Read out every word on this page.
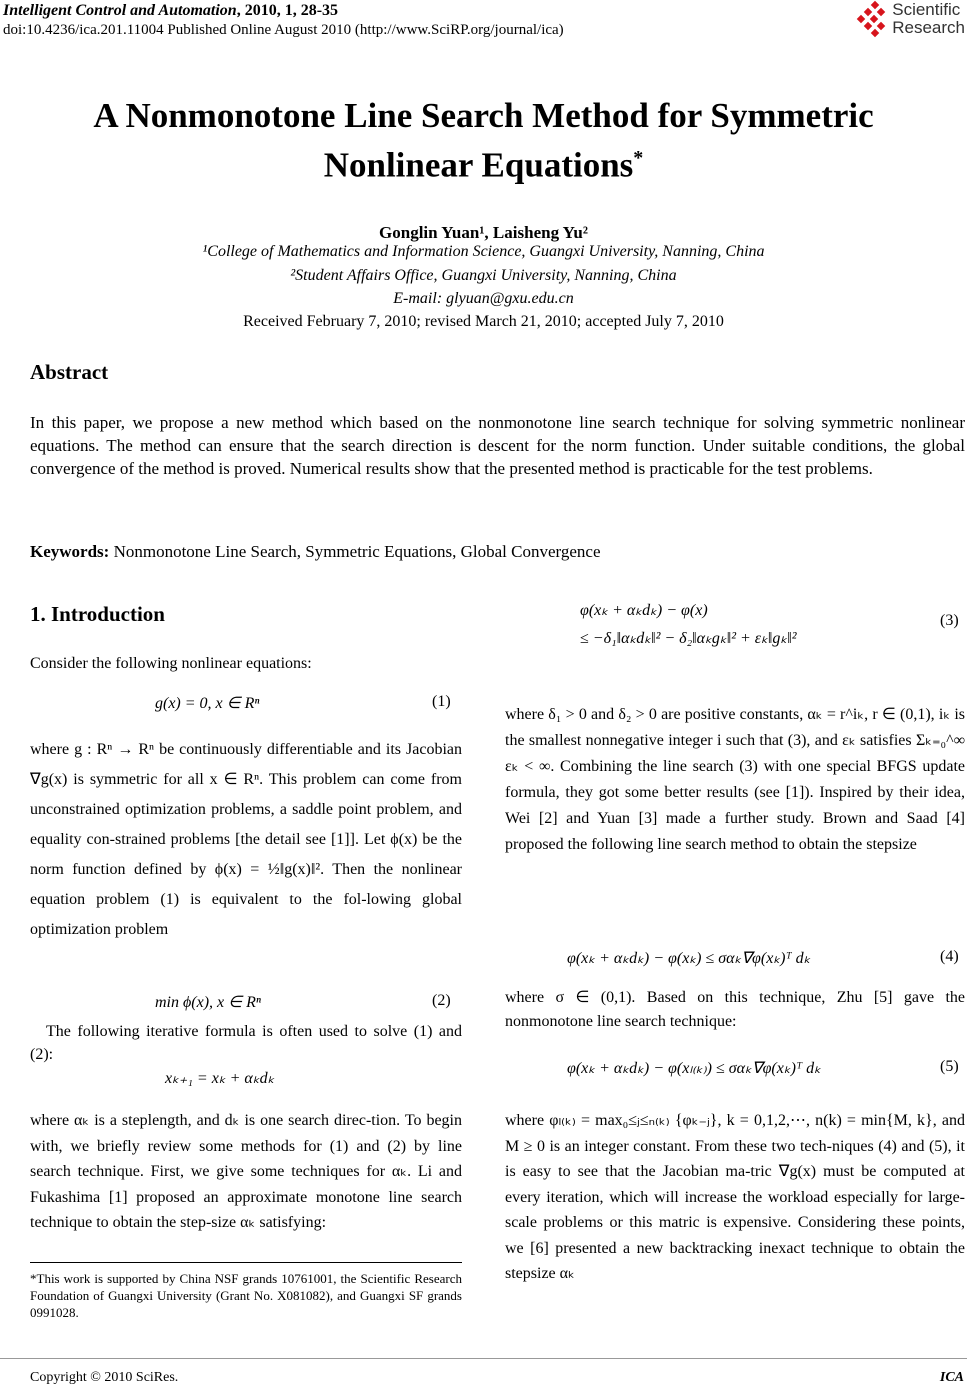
Intelligent Control and Automation, 2010, 1, 28-35
doi:10.4236/ica.201.11004 Published Online August 2010 (http://www.SciRP.org/journal/ica)
Scientific
Research
A Nonmonotone Line Search Method for Symmetric
Nonlinear Equations*
Gonglin Yuan¹, Laisheng Yu²
¹College of Mathematics and Information Science, Guangxi University, Nanning, China
²Student Affairs Office, Guangxi University, Nanning, China
E-mail: glyuan@gxu.edu.cn
Received February 7, 2010; revised March 21, 2010; accepted July 7, 2010
Abstract
In this paper, we propose a new method which based on the nonmonotone line search technique for solving symmetric nonlinear equations. The method can ensure that the search direction is descent for the norm function. Under suitable conditions, the global convergence of the method is proved. Numerical results show that the presented method is practicable for the test problems.
Keywords: Nonmonotone Line Search, Symmetric Equations, Global Convergence
1. Introduction
Consider the following nonlinear equations:
g(x) = 0, x ∈ Rⁿ	(1)
where g : Rⁿ → Rⁿ be continuously differentiable and its Jacobian ∇g(x) is symmetric for all x ∈ Rⁿ. This problem can come from unconstrained optimization problems, a saddle point problem, and equality con-strained problems [the detail see [1]]. Let ϕ(x) be the norm function defined by ϕ(x) = ½‖g(x)‖². Then the nonlinear equation problem (1) is equivalent to the fol-lowing global optimization problem
min ϕ(x), x ∈ Rⁿ	(2)
The following iterative formula is often used to solve (1) and (2):
xₖ₊₁ = xₖ + αₖdₖ
where αₖ is a steplength, and dₖ is one search direc-tion. To begin with, we briefly review some methods for (1) and (2) by line search technique. First, we give some techniques for αₖ. Li and Fukashima [1] proposed an approximate monotone line search technique to obtain the step-size αₖ satisfying:
*This work is supported by China NSF grands 10761001, the Scientific Research Foundation of Guangxi University (Grant No. X081082), and Guangxi SF grands 0991028.
φ(xₖ + αₖdₖ) − φ(x)
≤ −δ₁‖αₖdₖ‖² − δ₂‖αₖgₖ‖² + εₖ‖gₖ‖²
(3)
where δ₁ > 0 and δ₂ > 0 are positive constants, αₖ = r^iₖ, r ∈ (0,1), iₖ is the smallest nonnegative integer i such that (3), and εₖ satisfies Σₖ₌₀^∞ εₖ < ∞. Combining the line search (3) with one special BFGS update formula, they got some better results (see [1]). Inspired by their idea, Wei [2] and Yuan [3] made a further study. Brown and Saad [4] proposed the following line search method to obtain the stepsize
φ(xₖ + αₖdₖ) − φ(xₖ) ≤ σαₖ∇φ(xₖ)ᵀ dₖ	(4)
where σ ∈ (0,1). Based on this technique, Zhu [5] gave the nonmonotone line search technique:
φ(xₖ + αₖdₖ) − φ(xₗ₍ₖ₎) ≤ σαₖ∇φ(xₖ)ᵀ dₖ	(5)
where φₗ₍ₖ₎ = max₀≤ⱼ≤ₙ₍ₖ₎ {φₖ₋ⱼ}, k = 0,1,2,⋯, n(k) = min{M, k}, and M ≥ 0 is an integer constant. From these two tech-niques (4) and (5), it is easy to see that the Jacobian ma-tric ∇g(x) must be computed at every iteration, which will increase the workload especially for large-scale problems or this matric is expensive. Considering these points, we [6] presented a new backtracking inexact technique to obtain the stepsize αₖ
Copyright © 2010 SciRes.	ICA
